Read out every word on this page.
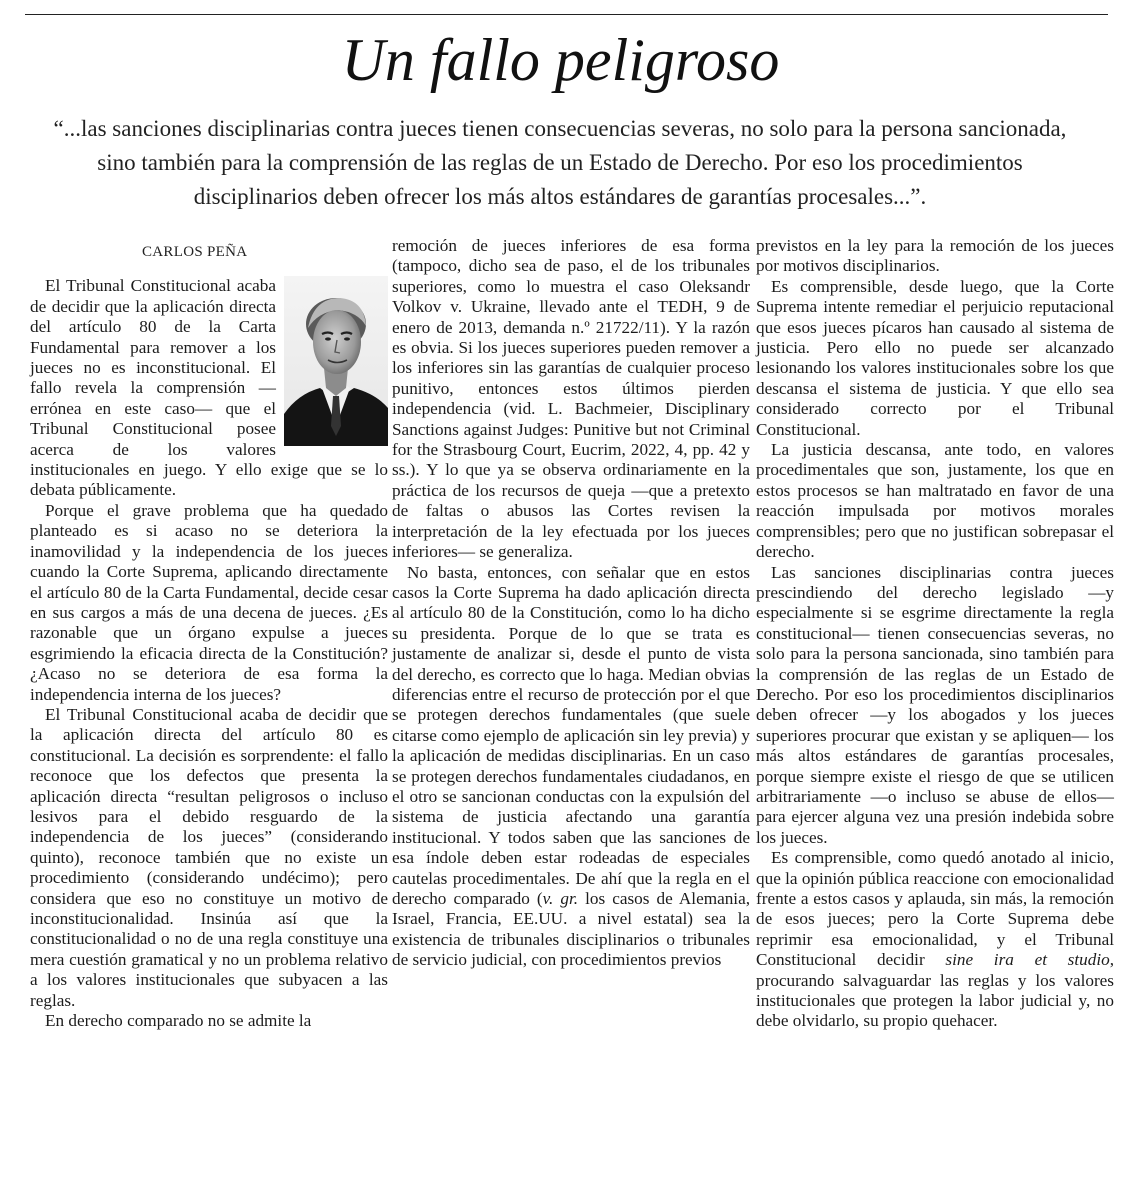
Un fallo peligroso

“...las sanciones disciplinarias contra jueces tienen consecuencias severas, no solo para la persona sancionada, sino también para la comprensión de las reglas de un Estado de Derecho. Por eso los procedimientos disciplinarios deben ofrecer los más altos estándares de garantías procesales...”.

CARLOS PEÑA

El Tribunal Constitucional acaba de decidir que la aplicación directa del artículo 80 de la Carta Fundamental para remover a los jueces no es inconstitucional. El fallo revela la comprensión —errónea en este caso— que el Tribunal Constitucional posee acerca de los valores institucionales en juego. Y ello exige que se lo debata públicamente.

Porque el grave problema que ha quedado planteado es si acaso no se deteriora la inamovilidad y la independencia de los jueces cuando la Corte Suprema, aplicando directamente el artículo 80 de la Carta Fundamental, decide cesar en sus cargos a más de una decena de jueces. ¿Es razonable que un órgano expulse a jueces esgrimiendo la eficacia directa de la Constitución? ¿Acaso no se deteriora de esa forma la independencia interna de los jueces?

El Tribunal Constitucional acaba de decidir que la aplicación directa del artículo 80 es constitucional. La decisión es sorprendente: el fallo reconoce que los defectos que presenta la aplicación directa “resultan peligrosos o incluso lesivos para el debido resguardo de la independencia de los jueces” (considerando quinto), reconoce también que no existe un procedimiento (considerando undécimo); pero considera que eso no constituye un motivo de inconstitucionalidad. Insinúa así que la constitucionalidad o no de una regla constituye una mera cuestión gramatical y no un problema relativo a los valores institucionales que subyacen a las reglas.

En derecho comparado no se admite la

remoción de jueces inferiores de esa forma (tampoco, dicho sea de paso, el de los tribunales superiores, como lo muestra el caso Oleksandr Volkov v. Ukraine, llevado ante el TEDH, 9 de enero de 2013, demanda n.º 21722/11). Y la razón es obvia. Si los jueces superiores pueden remover a los inferiores sin las garantías de cualquier proceso punitivo, entonces estos últimos pierden independencia (vid. L. Bachmeier, Disciplinary Sanctions against Judges: Punitive but not Criminal for the Strasbourg Court, Eucrim, 2022, 4, pp. 42 y ss.). Y lo que ya se observa ordinariamente en la práctica de los recursos de queja —que a pretexto de faltas o abusos las Cortes revisen la interpretación de la ley efectuada por los jueces inferiores— se generaliza.

No basta, entonces, con señalar que en estos casos la Corte Suprema ha dado aplicación directa al artículo 80 de la Constitución, como lo ha dicho su presidenta. Porque de lo que se trata es justamente de analizar si, desde el punto de vista del derecho, es correcto que lo haga. Median obvias diferencias entre el recurso de protección por el que se protegen derechos fundamentales (que suele citarse como ejemplo de aplicación sin ley previa) y la aplicación de medidas disciplinarias. En un caso se protegen derechos fundamentales ciudadanos, en el otro se sancionan conductas con la expulsión del sistema de justicia afectando una garantía institucional. Y todos saben que las sanciones de esa índole deben estar rodeadas de especiales cautelas procedimentales. De ahí que la regla en el derecho comparado (v. gr. los casos de Alemania, Israel, Francia, EE.UU. a nivel estatal) sea la existencia de tribunales disciplinarios o tribunales de servicio judicial, con procedimientos previos

previstos en la ley para la remoción de los jueces por motivos disciplinarios.

Es comprensible, desde luego, que la Corte Suprema intente remediar el perjuicio reputacional que esos jueces pícaros han causado al sistema de justicia. Pero ello no puede ser alcanzado lesionando los valores institucionales sobre los que descansa el sistema de justicia. Y que ello sea considerado correcto por el Tribunal Constitucional.

La justicia descansa, ante todo, en valores procedimentales que son, justamente, los que en estos procesos se han maltratado en favor de una reacción impulsada por motivos morales comprensibles; pero que no justifican sobrepasar el derecho.

Las sanciones disciplinarias contra jueces prescindiendo del derecho legislado —y especialmente si se esgrime directamente la regla constitucional— tienen consecuencias severas, no solo para la persona sancionada, sino también para la comprensión de las reglas de un Estado de Derecho. Por eso los procedimientos disciplinarios deben ofrecer —y los abogados y los jueces superiores procurar que existan y se apliquen— los más altos estándares de garantías procesales, porque siempre existe el riesgo de que se utilicen arbitrariamente —o incluso se abuse de ellos— para ejercer alguna vez una presión indebida sobre los jueces.

Es comprensible, como quedó anotado al inicio, que la opinión pública reaccione con emocionalidad frente a estos casos y aplauda, sin más, la remoción de esos jueces; pero la Corte Suprema debe reprimir esa emocionalidad, y el Tribunal Constitucional decidir sine ira et studio, procurando salvaguardar las reglas y los valores institucionales que protegen la labor judicial y, no debe olvidarlo, su propio quehacer.
